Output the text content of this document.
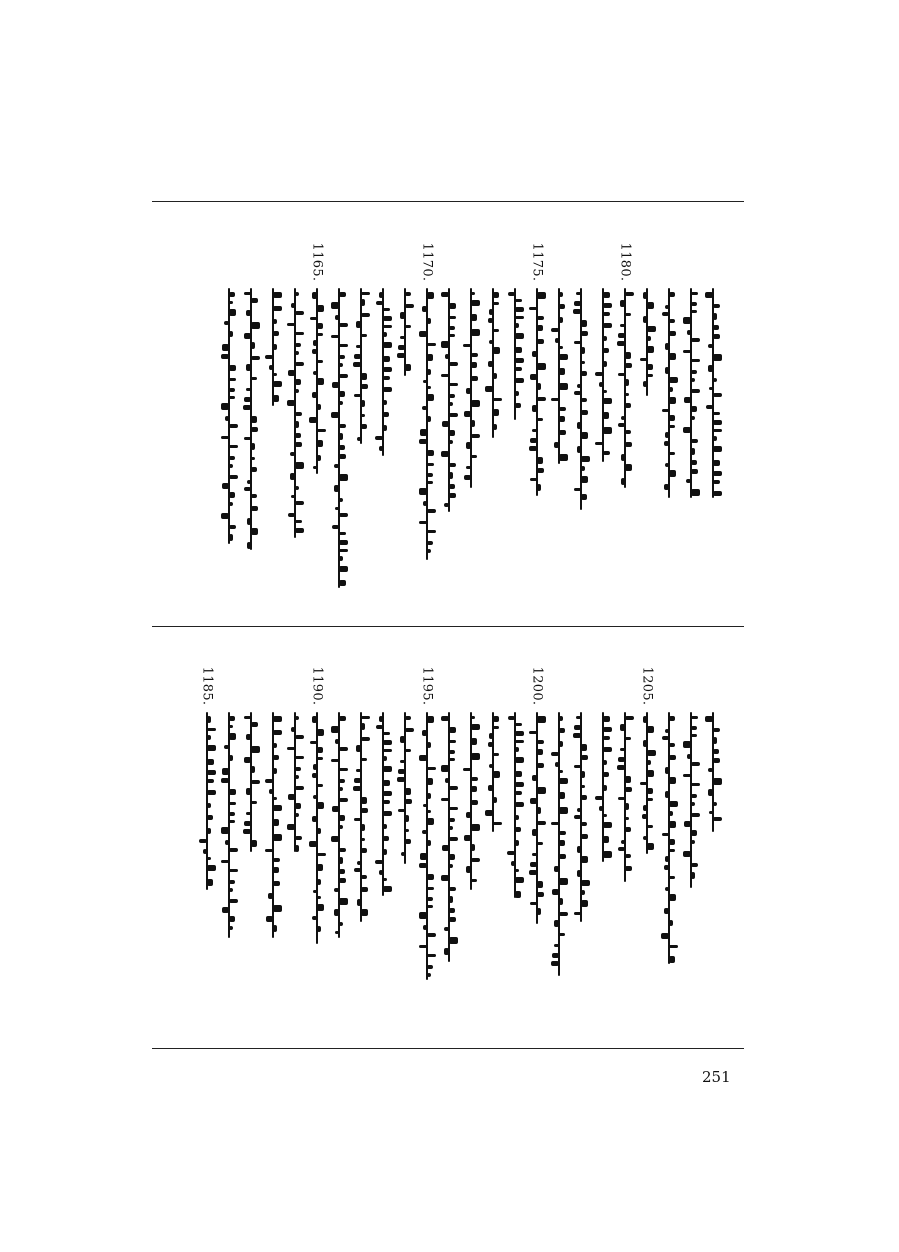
1180.
1175.
1170.
1165.
1205.
1200.
1195.
1190.
1185.
251
